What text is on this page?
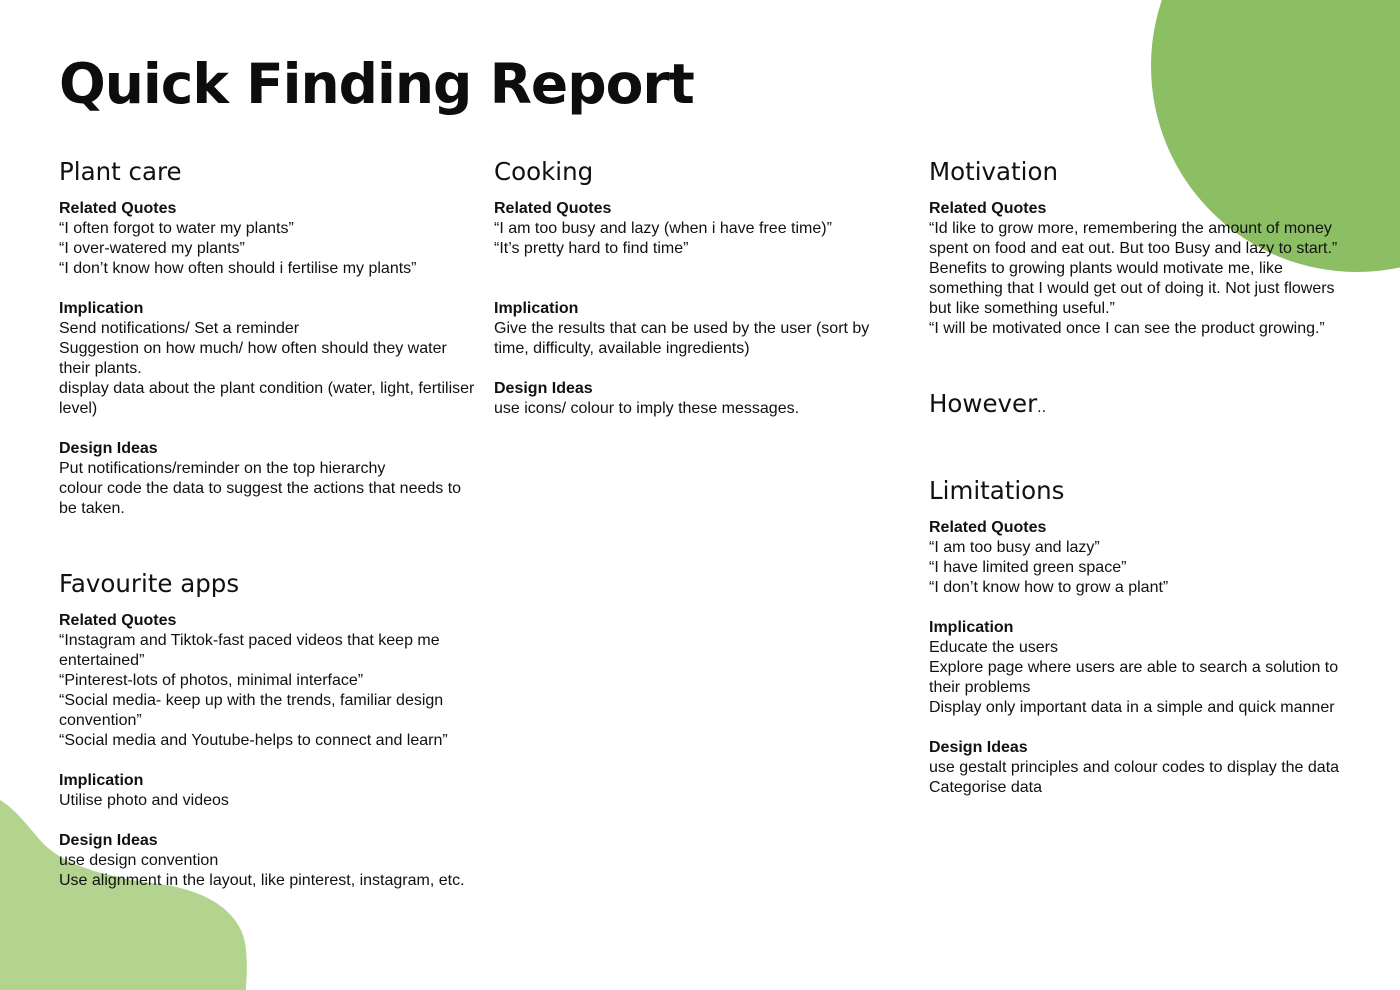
Quick Finding Report
Plant care
Related Quotes
“I often forgot to water my plants”
“I over-watered my plants”
“I don’t know how often should i fertilise my plants”
Implication
Send notifications/ Set a reminder
Suggestion on how much/ how often should they water their plants.
display data about the plant condition (water, light, fertiliser level)
Design Ideas
Put notifications/reminder on the top hierarchy
colour code the data to suggest the actions that needs to be taken.
Favourite apps
Related Quotes
“Instagram and Tiktok-fast paced videos that keep me entertained”
“Pinterest-lots of photos, minimal interface”
“Social media- keep up with the trends, familiar design convention”
“Social media and Youtube-helps to connect and learn”
Implication
Utilise photo and videos
Design Ideas
use design convention
Use alignment in the layout, like pinterest, instagram, etc.
Cooking
Related Quotes
“I am too busy and lazy (when i have free time)”
“It’s pretty hard to find time”
Implication
Give the results that can be used by the user (sort by time, difficulty, available ingredients)
Design Ideas
use icons/ colour to imply these messages.
Motivation
Related Quotes
“Id like to grow more, remembering the amount of money spent on food and eat out. But too Busy and lazy to start.”
Benefits to growing plants would motivate me, like something that I would get out of doing it. Not just flowers but like something useful.”
“I will be motivated once I can see the product growing.”
However..
Limitations
Related Quotes
“I am too busy and lazy”
“I have limited green space”
“I don’t know how to grow a plant”
Implication
Educate the users
Explore page where users are able to search a solution to their problems
Display only important data in a simple and quick manner
Design Ideas
use gestalt principles and colour codes to display the data
Categorise data
